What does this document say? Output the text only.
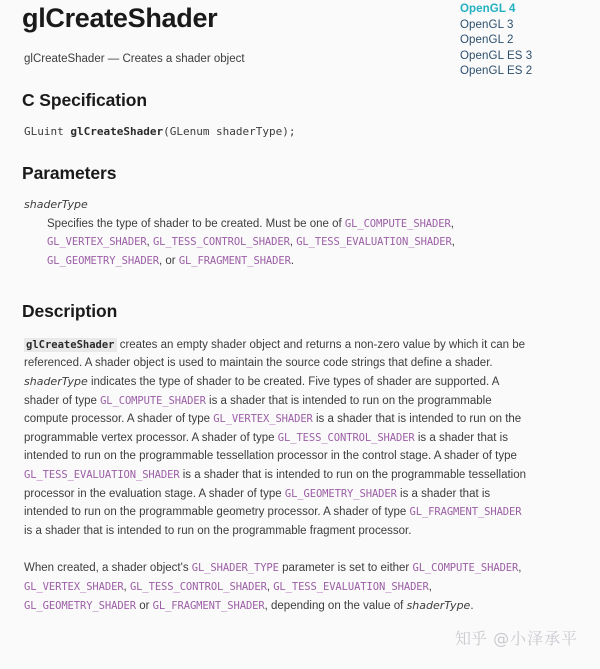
OpenGL 4
OpenGL 3
OpenGL 2
OpenGL ES 3
OpenGL ES 2
glCreateShader

glCreateShader — Creates a shader object

C Specification
GLuint glCreateShader(GLenum shaderType);
Parameters
shaderType
Specifies the type of shader to be created. Must be one of GL_COMPUTE_SHADER, GL_VERTEX_SHADER, GL_TESS_CONTROL_SHADER, GL_TESS_EVALUATION_SHADER, GL_GEOMETRY_SHADER, or GL_FRAGMENT_SHADER.
Description

glCreateShader creates an empty shader object and returns a non-zero value by which it can be referenced. A shader object is used to maintain the source code strings that define a shader. shaderType indicates the type of shader to be created. Five types of shader are supported. A shader of type GL_COMPUTE_SHADER is a shader that is intended to run on the programmable compute processor. A shader of type GL_VERTEX_SHADER is a shader that is intended to run on the programmable vertex processor. A shader of type GL_TESS_CONTROL_SHADER is a shader that is intended to run on the programmable tessellation processor in the control stage. A shader of type GL_TESS_EVALUATION_SHADER is a shader that is intended to run on the programmable tessellation processor in the evaluation stage. A shader of type GL_GEOMETRY_SHADER is a shader that is intended to run on the programmable geometry processor. A shader of type GL_FRAGMENT_SHADER is a shader that is intended to run on the programmable fragment processor.

When created, a shader object's GL_SHADER_TYPE parameter is set to either GL_COMPUTE_SHADER, GL_VERTEX_SHADER, GL_TESS_CONTROL_SHADER, GL_TESS_EVALUATION_SHADER, GL_GEOMETRY_SHADER or GL_FRAGMENT_SHADER, depending on the value of shaderType.

知乎 @小泽承平
